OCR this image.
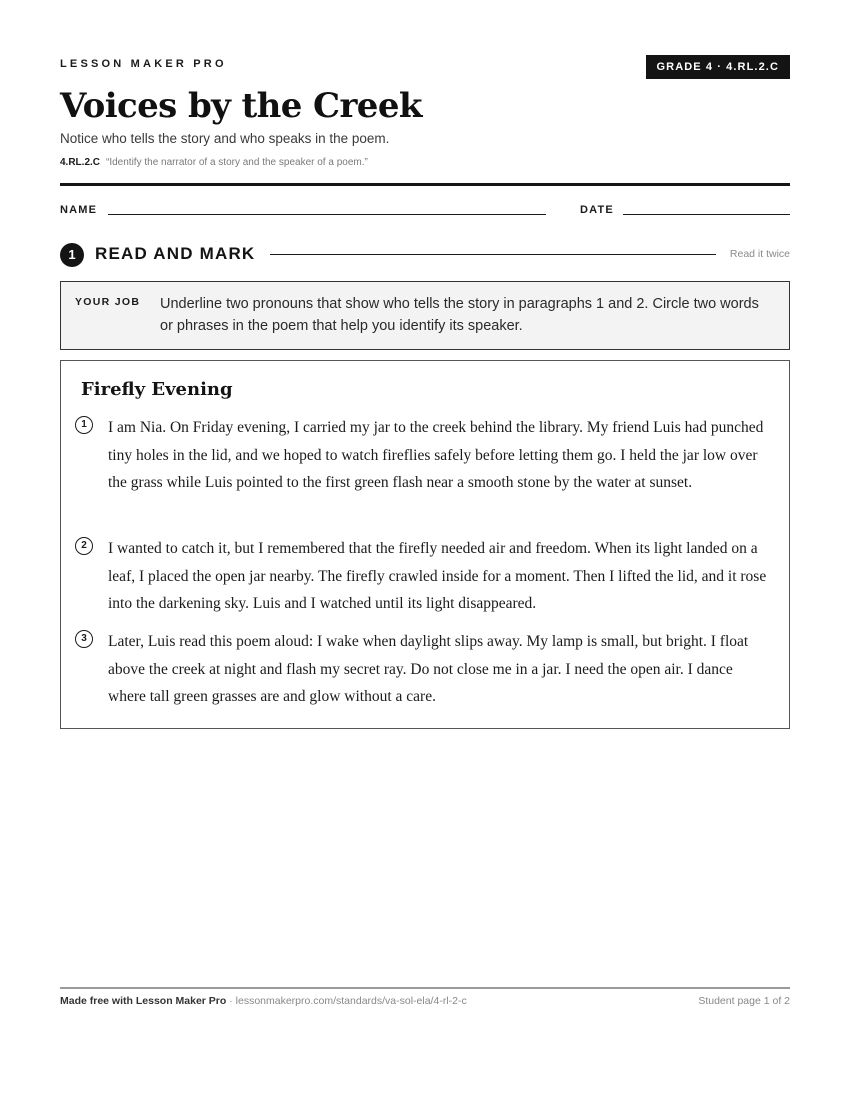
LESSON MAKER PRO	GRADE 4 · 4.RL.2.C
Voices by the Creek
Notice who tells the story and who speaks in the poem.
4.RL.2.C “Identify the narrator of a story and the speaker of a poem.”
NAME	DATE
1	READ AND MARK	Read it twice
YOUR JOB Underline two pronouns that show who tells the story in paragraphs 1 and 2. Circle two words or phrases in the poem that help you identify its speaker.
Firefly Evening
1	I am Nia. On Friday evening, I carried my jar to the creek behind the library. My friend Luis had punched tiny holes in the lid, and we hoped to watch fireflies safely before letting them go. I held the jar low over the grass while Luis pointed to the first green flash near a smooth stone by the water at sunset.
2	I wanted to catch it, but I remembered that the firefly needed air and freedom. When its light landed on a leaf, I placed the open jar nearby. The firefly crawled inside for a moment. Then I lifted the lid, and it rose into the darkening sky. Luis and I watched until its light disappeared.
3	Later, Luis read this poem aloud: I wake when daylight slips away. My lamp is small, but bright. I float above the creek at night and flash my secret ray. Do not close me in a jar. I need the open air. I dance where tall green grasses are and glow without a care.
Made free with Lesson Maker Pro · lessonmakerpro.com/standards/va-sol-ela/4-rl-2-c	Student page 1 of 2
